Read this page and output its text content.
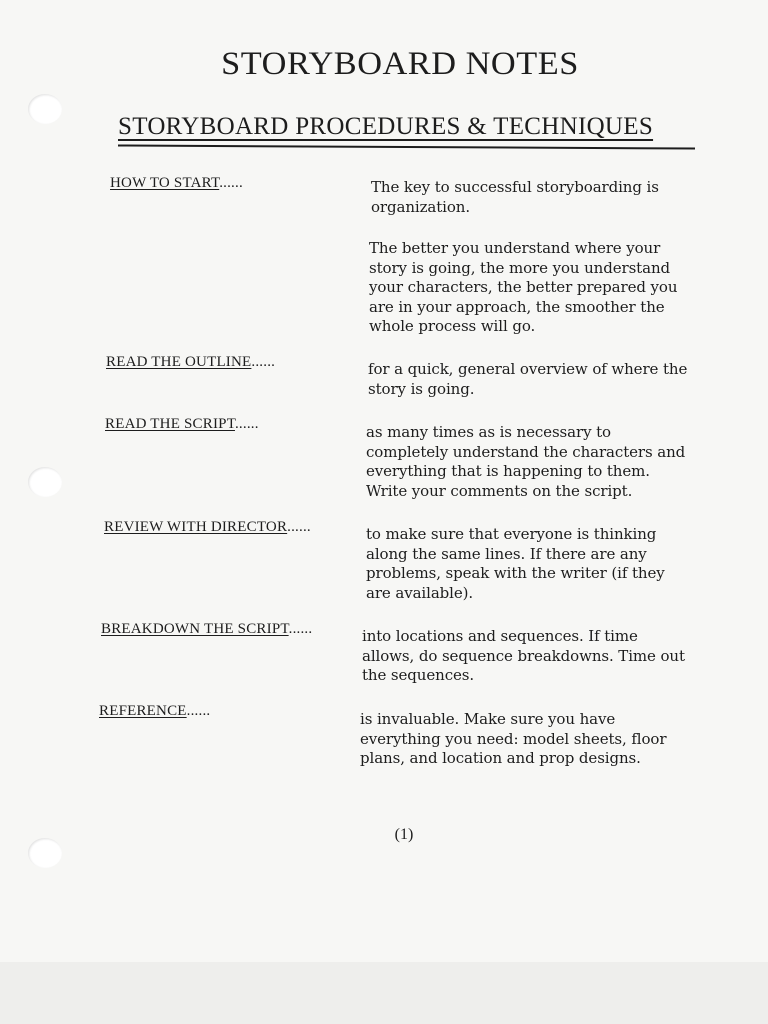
STORYBOARD NOTES
STORYBOARD PROCEDURES & TECHNIQUES
HOW TO START......	The key to successful storyboarding is
organization.
The better you understand where your
story is going, the more you understand
your characters, the better prepared you
are in your approach, the smoother the
whole process will go.
READ THE OUTLINE......	for a quick, general overview of where the
story is going.
READ THE SCRIPT......	as many times as is necessary to
completely understand the characters and
everything that is happening to them.
Write your comments on the script.
REVIEW WITH DIRECTOR......	to make sure that everyone is thinking
along the same lines. If there are any
problems, speak with the writer (if they
are available).
BREAKDOWN THE SCRIPT......	into locations and sequences. If time
allows, do sequence breakdowns. Time out
the sequences.
REFERENCE......	is invaluable. Make sure you have
everything you need: model sheets, floor
plans, and location and prop designs.
(1)
